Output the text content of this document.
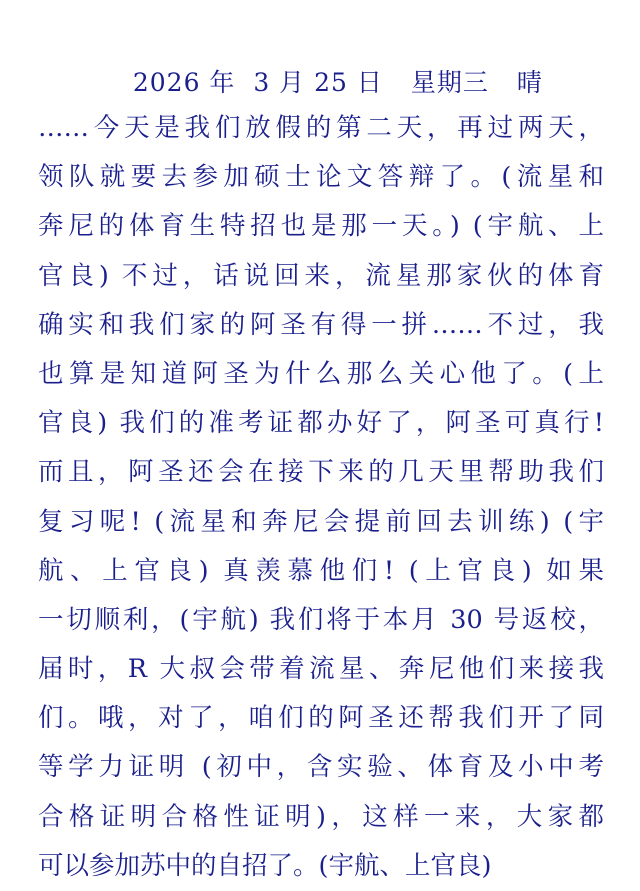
2026 年  3 月 25 日 星期三 晴

……今天是我们放假的第二天，再过两天，
领队就要去参加硕士论文答辩了。(流星和
奔尼的体育生特招也是那一天。) (宇航、上
官良) 不过，话说回来，流星那家伙的体育
确实和我们家的阿圣有得一拼……不过，我
也算是知道阿圣为什么那么关心他了。(上
官良) 我们的准考证都办好了，阿圣可真行!
而且，阿圣还会在接下来的几天里帮助我们
复习呢! (流星和奔尼会提前回去训练) (宇
航、上官良) 真羡慕他们! (上官良) 如果
一切顺利，(宇航) 我们将于本月 30 号返校，
届时，R 大叔会带着流星、奔尼他们来接我
们。哦，对了，咱们的阿圣还帮我们开了同
等学力证明 (初中，含实验、体育及小中考
合格证明合格性证明)，这样一来，大家都
可以参加苏中的自招了。(宇航、上官良)
